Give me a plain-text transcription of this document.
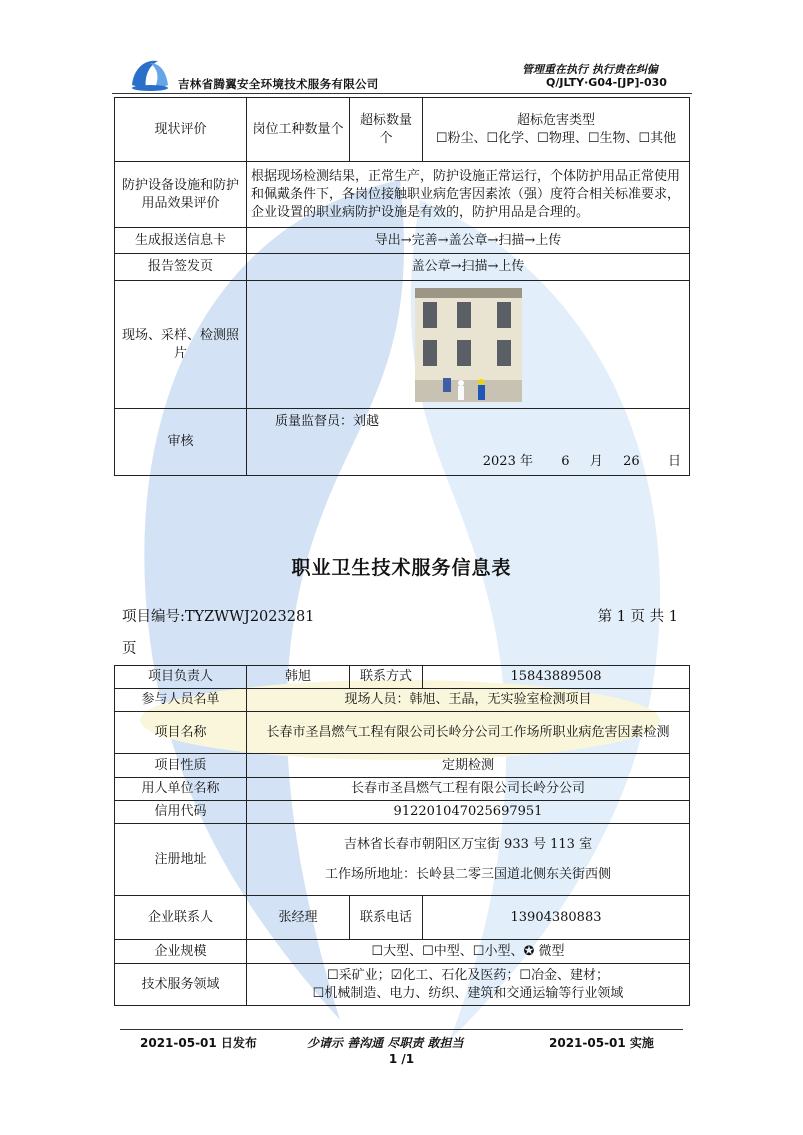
吉林省腾翼安全环境技术服务有限公司
管理重在执行 执行贵在纠偏
Q/JLTY·G04-[JP]-030
现状评价	岗位工种数量个	超标数量个	超标危害类型
☐粉尘、☐化学、☐物理、☐生物、☐其他

防护设备设施和防护用品效果评价	根据现场检测结果，正常生产，防护设施正常运行，个体防护用品正常使用和佩戴条件下，各岗位接触职业病危害因素浓（强）度符合相关标准要求，企业设置的职业病防护设施是有效的，防护用品是合理的。		
生成报送信息卡	导出→完善→盖公章→扫描→上传		
报告签发页	盖公章→扫描→上传		
现场、采样、检测照片	
审核	质量监督员：刘越
2023 年 6 月 26 日		
职业卫生技术服务信息表
项目编号:TYZWWJ2023281	第 1 页 共 1
页
项目负责人	韩旭	联系方式	15843889508
参与人员名单	现场人员：韩旭、王晶，无实验室检测项目		
项目名称	长春市圣昌燃气工程有限公司长岭分公司工作场所职业病危害因素检测		
项目性质	定期检测		
用人单位名称	长春市圣昌燃气工程有限公司长岭分公司		
信用代码	912201047025697951		
注册地址	吉林省长春市朝阳区万宝街 933 号 113 室
工作场所地址：长岭县二零三国道北侧东关街西侧		

企业联系人	张经理	联系电话	13904380883
企业规模	☐大型、☐中型、☐小型、✪ 微型		
技术服务领域	☐采矿业；☑化工、石化及医药；☐冶金、建材；
☐机械制造、电力、纺织、建筑和交通运输等行业领域		
2021-05-01 日发布	少请示 善沟通 尽职责 敢担当	2021-05-01 实施
1 /1
